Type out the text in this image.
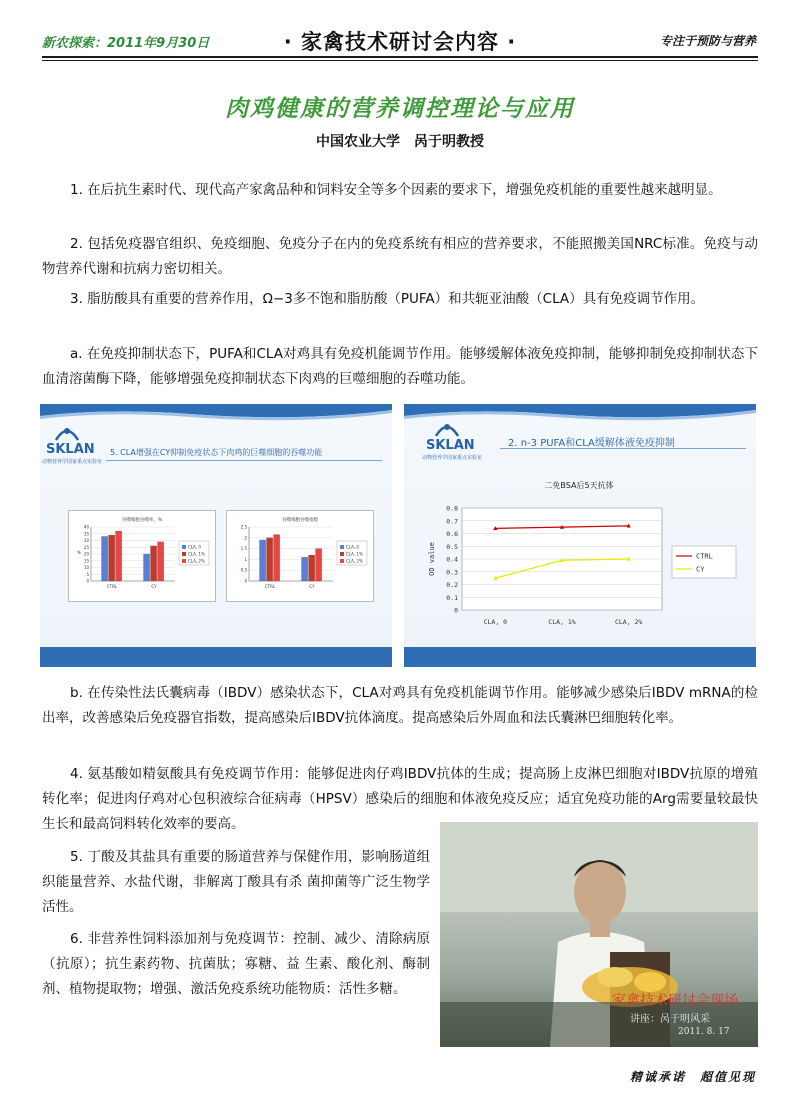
新农探索：2011年9月30日	· 家禽技术研讨会内容 ·	专注于预防与营养
肉鸡健康的营养调控理论与应用
中国农业大学　呙于明教授
1. 在后抗生素时代、现代高产家禽品种和饲料安全等多个因素的要求下，增强免疫机能的重要性越来越明显。
2. 包括免疫器官组织、免疫细胞、免疫分子在内的免疫系统有相应的营养要求，不能照搬美国NRC标准。免疫与动物营养代谢和抗病力密切相关。
3. 脂肪酸具有重要的营养作用，Ω−3多不饱和脂肪酸（PUFA）和共轭亚油酸（CLA）具有免疫调节作用。
a. 在免疫抑制状态下，PUFA和CLA对鸡具有免疫机能调节作用。能够缓解体液免疫抑制，能够抑制免疫抑制状态下血清溶菌酶下降，能够增强免疫抑制状态下肉鸡的巨噬细胞的吞噬功能。
SKLAN
动物营养学国家重点实验室
5. CLA增强在CY抑制免疫状态下肉鸡的巨噬细胞的吞噬功能
吞噬细胞吞噬率，%
0
5
10
15
20
25
30
35
40
%
CTRL	CY
CLA, 0
CLA, 1%
CLA, 2%
吞噬细胞吞噬指数
0
0.5
1
1.5
2
2.5
CTRL	CY
CLA, 0
CLA, 1%
CLA, 2%
SKLAN
动物营养学国家重点实验室
2. n-3 PUFA和CLA缓解体液免疫抑制
二免BSA后5天抗体
0
0.1
0.2
0.3
0.4
0.5
0.6
0.7
0.8
OD value
CLA, 0	CLA, 1%	CLA, 2%
CTRL
CY
b. 在传染性法氏囊病毒（IBDV）感染状态下，CLA对鸡具有免疫机能调节作用。能够减少感染后IBDV mRNA的检出率，改善感染后免疫器官指数，提高感染后IBDV抗体滴度。提高感染后外周血和法氏囊淋巴细胞转化率。
4. 氨基酸如精氨酸具有免疫调节作用：能够促进肉仔鸡IBDV抗体的生成；提高肠上皮淋巴细胞对IBDV抗原的增殖转化率；促进肉仔鸡对心包积液综合征病毒（HPSV）感染后的细胞和体液免疫反应；适宜免疫功能的Arg需要量较最快生长和最高饲料转化效率的要高。
5. 丁酸及其盐具有重要的肠道营养与保健作用，影响肠道组织能量营养、水盐代谢，非解离丁酸具有杀 菌抑菌等广泛生物学活性。
6. 非营养性饲料添加剂与免疫调节：控制、减少、清除病原（抗原）；抗生素药物、抗菌肽；寡糖、益 生素、酸化剂、酶制剂、植物提取物；增强、激活免疫系统功能物质：活性多糖。
家禽技术研讨会现场
讲座：呙于明风采
2011. 8. 17
精诚承诺　超值见现
